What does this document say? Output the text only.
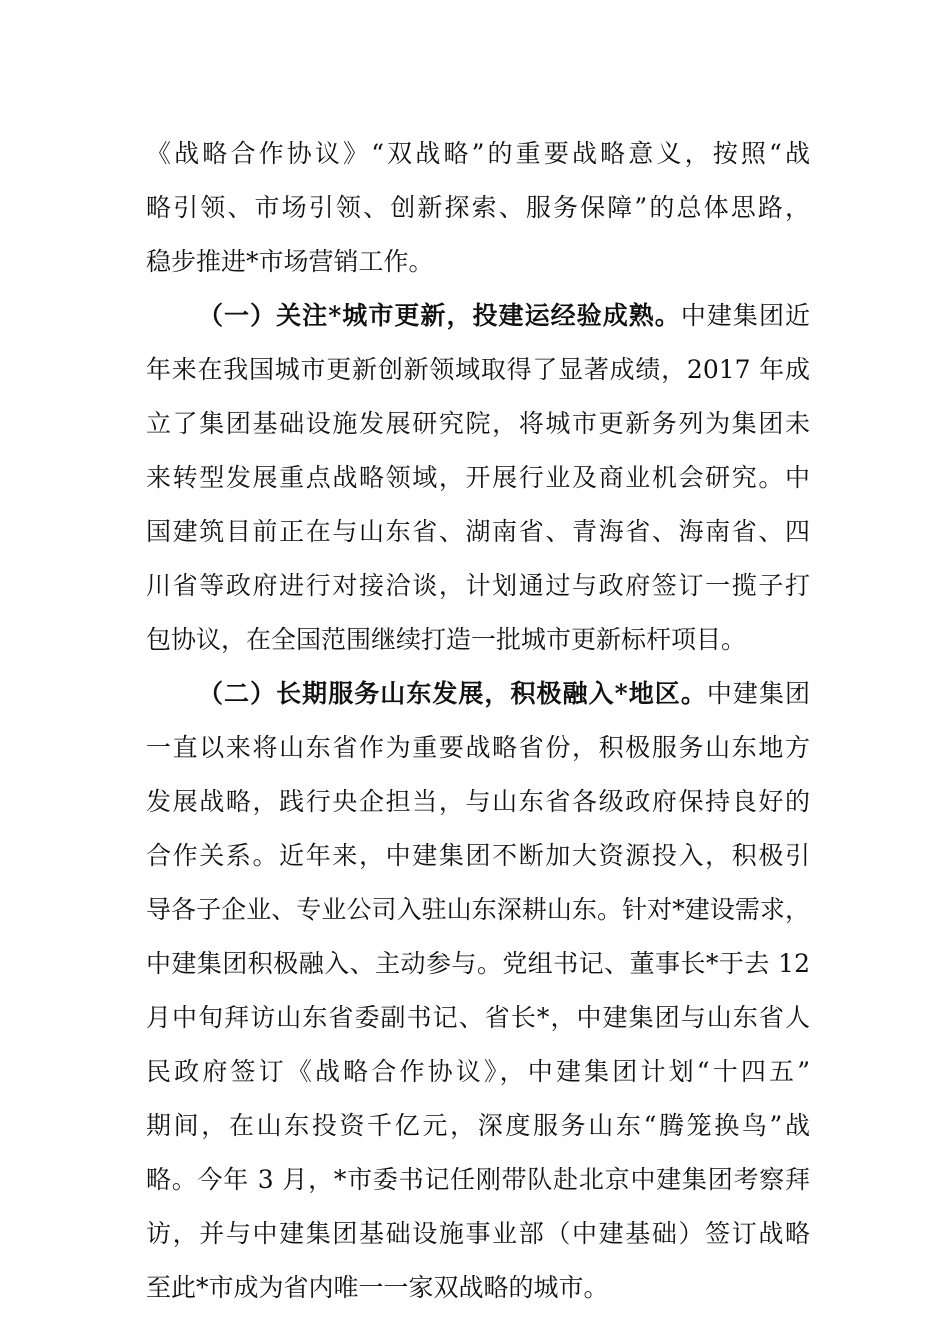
《战略合作协议》“双战略”的重要战略意义，按照“战
略引领、市场引领、创新探索、服务保障”的总体思路，
稳步推进*市场营销工作。
（一）关注*城市更新，投建运经验成熟。中建集团近
年来在我国城市更新创新领域取得了显著成绩，2017 年成
立了集团基础设施发展研究院，将城市更新务列为集团未
来转型发展重点战略领域，开展行业及商业机会研究。中
国建筑目前正在与山东省、湖南省、青海省、海南省、四
川省等政府进行对接洽谈，计划通过与政府签订一揽子打
包协议，在全国范围继续打造一批城市更新标杆项目。
（二）长期服务山东发展，积极融入*地区。中建集团
一直以来将山东省作为重要战略省份，积极服务山东地方
发展战略，践行央企担当，与山东省各级政府保持良好的
合作关系。近年来，中建集团不断加大资源投入，积极引
导各子企业、专业公司入驻山东深耕山东。针对*建设需求，
中建集团积极融入、主动参与。党组书记、董事长*于去 12
月中旬拜访山东省委副书记、省长*，中建集团与山东省人
民政府签订《战略合作协议》，中建集团计划“十四五”
期间，在山东投资千亿元，深度服务山东“腾笼换鸟”战
略。今年 3 月，*市委书记任刚带队赴北京中建集团考察拜
访，并与中建集团基础设施事业部（中建基础）签订战略
至此*市成为省内唯一一家双战略的城市。
